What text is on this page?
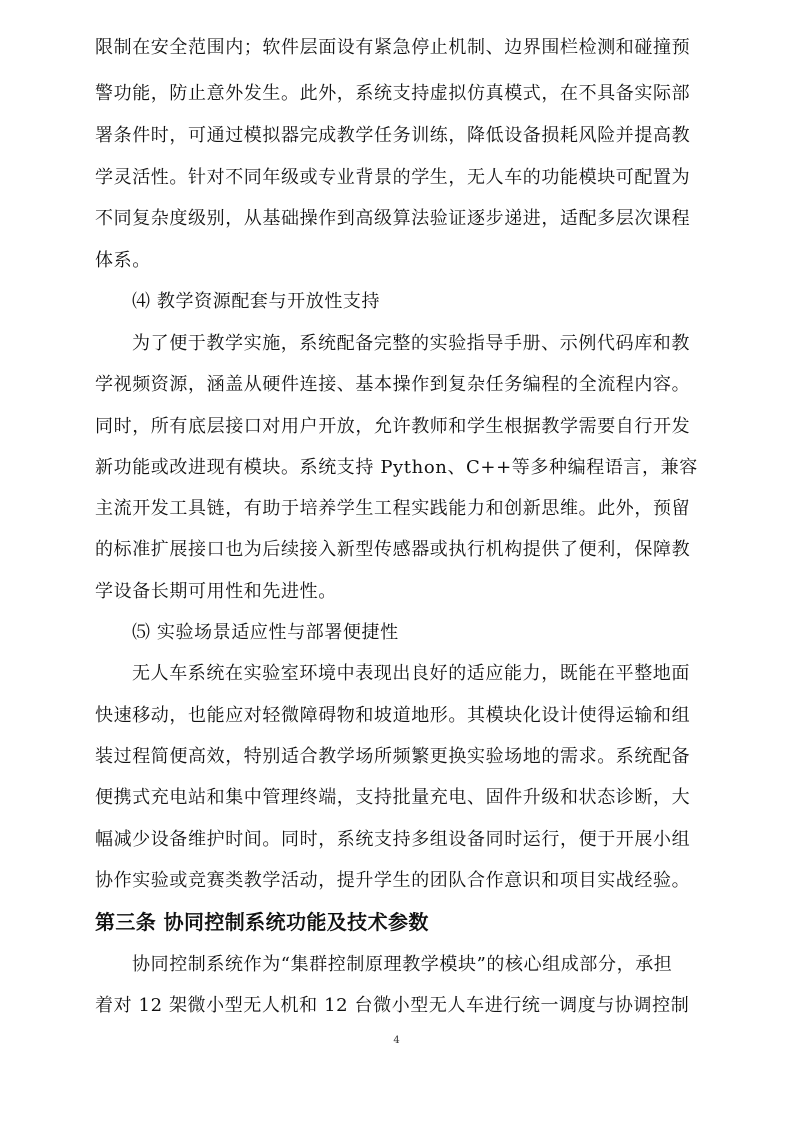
限制在安全范围内；软件层面设有紧急停止机制、边界围栏检测和碰撞预
警功能，防止意外发生。此外，系统支持虚拟仿真模式，在不具备实际部
署条件时，可通过模拟器完成教学任务训练，降低设备损耗风险并提高教
学灵活性。针对不同年级或专业背景的学生，无人车的功能模块可配置为
不同复杂度级别，从基础操作到高级算法验证逐步递进，适配多层次课程
体系。
⑷ 教学资源配套与开放性支持
为了便于教学实施，系统配备完整的实验指导手册、示例代码库和教
学视频资源，涵盖从硬件连接、基本操作到复杂任务编程的全流程内容。
同时，所有底层接口对用户开放，允许教师和学生根据教学需要自行开发
新功能或改进现有模块。系统支持 Python、C++等多种编程语言，兼容
主流开发工具链，有助于培养学生工程实践能力和创新思维。此外，预留
的标准扩展接口也为后续接入新型传感器或执行机构提供了便利，保障教
学设备长期可用性和先进性。
⑸ 实验场景适应性与部署便捷性
无人车系统在实验室环境中表现出良好的适应能力，既能在平整地面
快速移动，也能应对轻微障碍物和坡道地形。其模块化设计使得运输和组
装过程简便高效，特别适合教学场所频繁更换实验场地的需求。系统配备
便携式充电站和集中管理终端，支持批量充电、固件升级和状态诊断，大
幅减少设备维护时间。同时，系统支持多组设备同时运行，便于开展小组
协作实验或竞赛类教学活动，提升学生的团队合作意识和项目实战经验。
第三条 协同控制系统功能及技术参数
协同控制系统作为“集群控制原理教学模块”的核心组成部分，承担
着对 12 架微小型无人机和 12 台微小型无人车进行统一调度与协调控制
4
